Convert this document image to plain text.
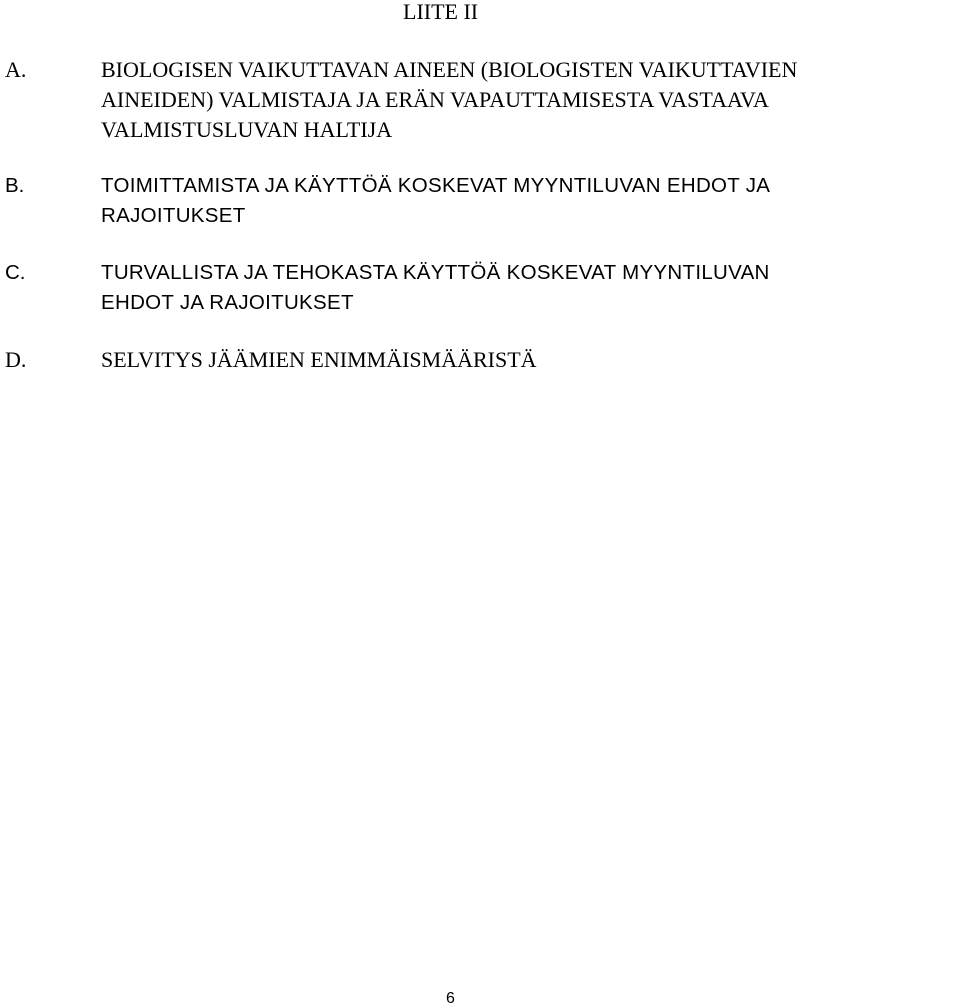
LIITE II
A.	BIOLOGISEN VAIKUTTAVAN AINEEN (BIOLOGISTEN VAIKUTTAVIEN
AINEIDEN) VALMISTAJA JA ERÄN VAPAUTTAMISESTA VASTAAVA
VALMISTUSLUVAN HALTIJA
B.	TOIMITTAMISTA JA KÄYTTÖÄ KOSKEVAT MYYNTILUVAN EHDOT JA
RAJOITUKSET
C.	TURVALLISTA JA TEHOKASTA KÄYTTÖÄ KOSKEVAT MYYNTILUVAN
EHDOT JA RAJOITUKSET
D.	SELVITYS JÄÄMIEN ENIMMÄISMÄÄRISTÄ
6
